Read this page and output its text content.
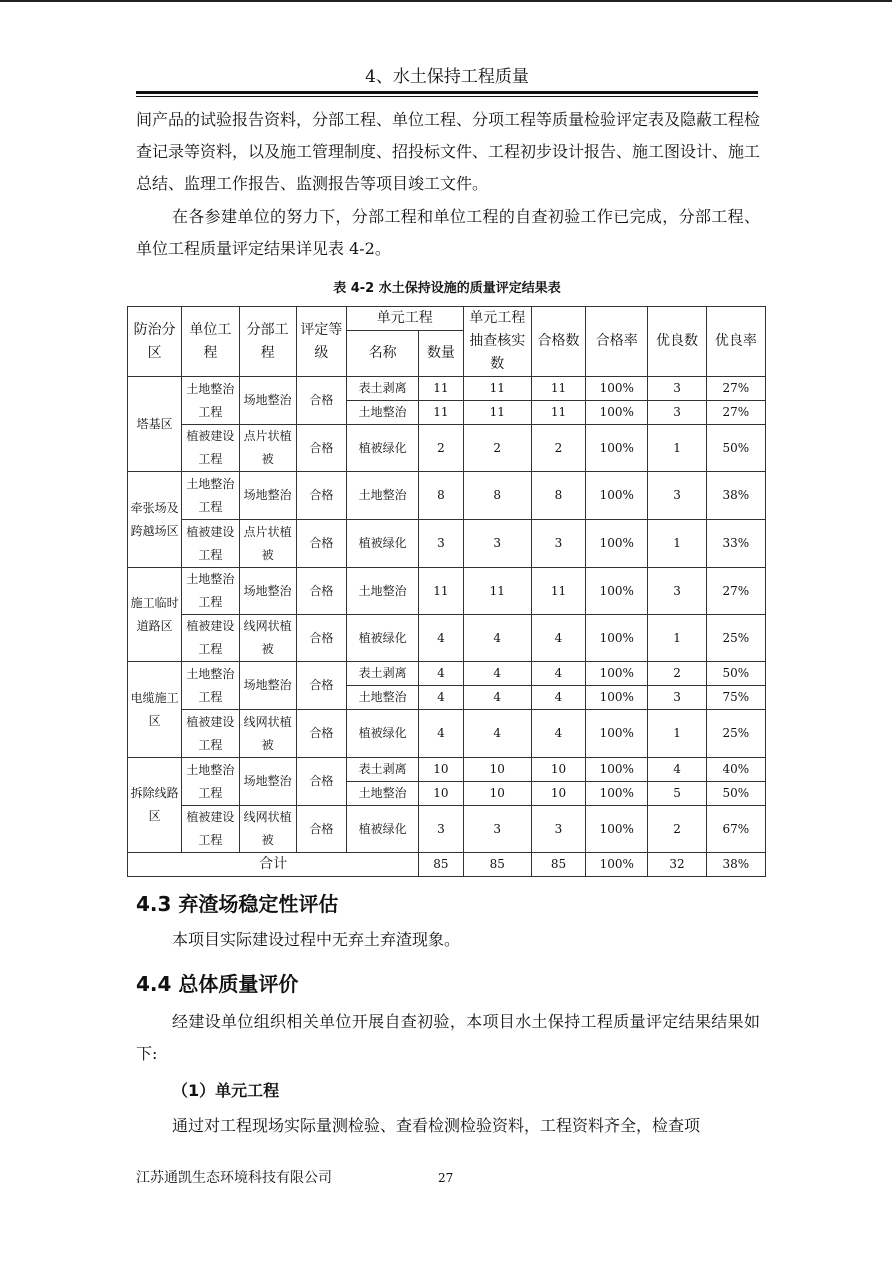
4、水土保持工程质量
间产品的试验报告资料，分部工程、单位工程、分项工程等质量检验评定表及隐蔽工程检查记录等资料，以及施工管理制度、招投标文件、工程初步设计报告、施工图设计、施工总结、监理工作报告、监测报告等项目竣工文件。
在各参建单位的努力下，分部工程和单位工程的自查初验工作已完成，分部工程、单位工程质量评定结果详见表 4-2。
表 4-2 水土保持设施的质量评定结果表
防治分区	单位工程	分部工程	评定等级	单元工程		单元工程抽查核实数	合格数	合格率	优良数	优良率
				名称	数量					
塔基区	土地整治工程	场地整治	合格	表土剥离	11	11	11	100%	3	27%
				土地整治	11	11	11	100%	3	27%
	植被建设工程	点片状植被	合格	植被绿化	2	2	2	100%	1	50%
牵张场及跨越场区	土地整治工程	场地整治	合格	土地整治	8	8	8	100%	3	38%
	植被建设工程	点片状植被	合格	植被绿化	3	3	3	100%	1	33%
施工临时道路区	土地整治工程	场地整治	合格	土地整治	11	11	11	100%	3	27%
	植被建设工程	线网状植被	合格	植被绿化	4	4	4	100%	1	25%
电缆施工区	土地整治工程	场地整治	合格	表土剥离	4	4	4	100%	2	50%
				土地整治	4	4	4	100%	3	75%
	植被建设工程	线网状植被	合格	植被绿化	4	4	4	100%	1	25%
拆除线路区	土地整治工程	场地整治	合格	表土剥离	10	10	10	100%	4	40%
				土地整治	10	10	10	100%	5	50%
	植被建设工程	线网状植被	合格	植被绿化	3	3	3	100%	2	67%
合计					85	85	85	100%	32	38%
4.3 弃渣场稳定性评估
本项目实际建设过程中无弃土弃渣现象。
4.4 总体质量评价
经建设单位组织相关单位开展自查初验，本项目水土保持工程质量评定结果结果如下:
（1）单元工程
通过对工程现场实际量测检验、查看检测检验资料，工程资料齐全，检查项
江苏通凯生态环境科技有限公司	27
